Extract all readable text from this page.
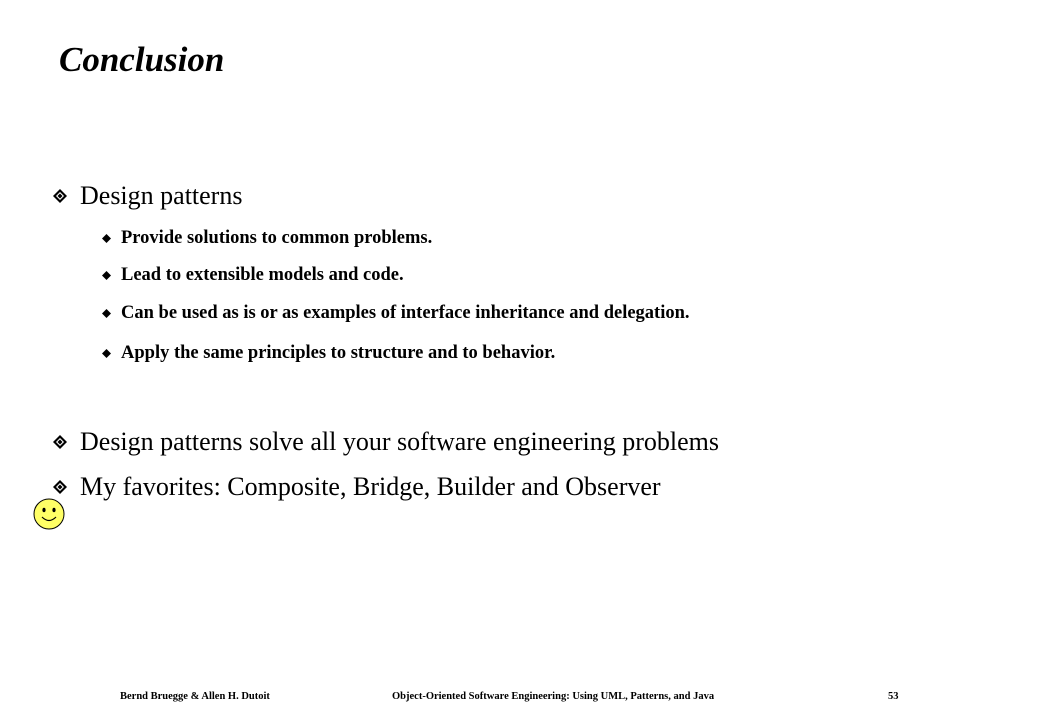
Conclusion
Design patterns
Provide solutions to common problems.
Lead to extensible models and code.
Can be used as is or as examples of interface inheritance and delegation.
Apply the same principles to structure and to behavior.
Design patterns solve all your software engineering problems
My favorites: Composite, Bridge, Builder and Observer
Bernd Bruegge & Allen H. Dutoit	Object-Oriented Software Engineering: Using UML, Patterns, and Java	53
